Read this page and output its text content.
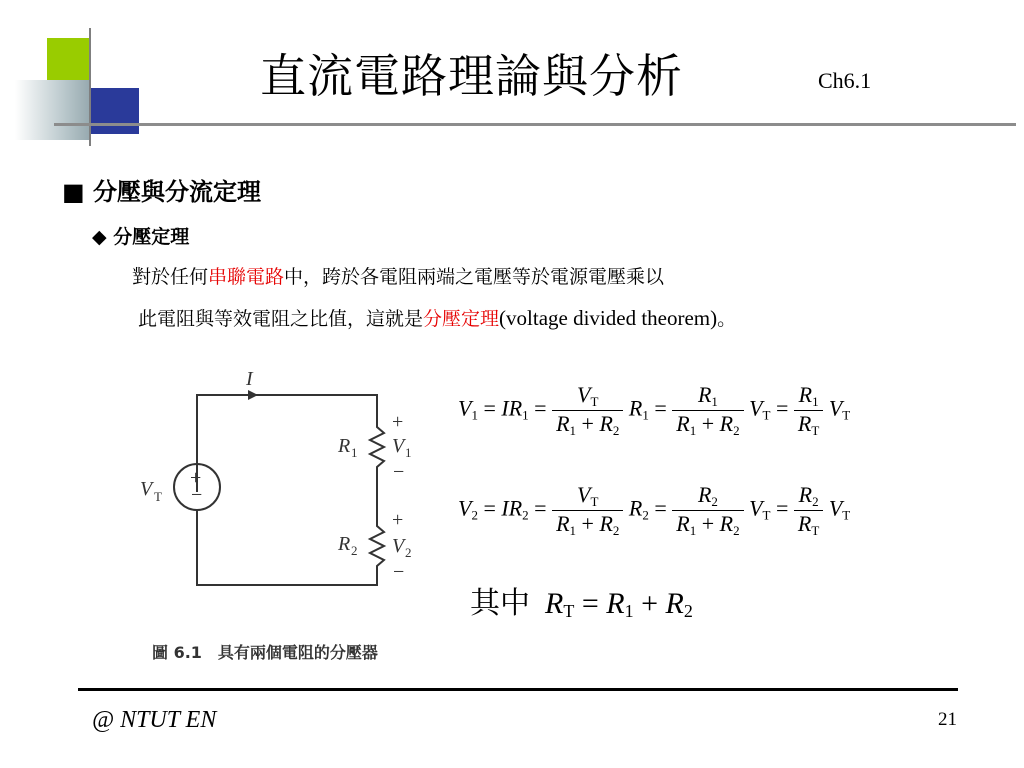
直流電路理論與分析	Ch6.1
■ 分壓與分流定理
◆ 分壓定理
對於任何串聯電路中，跨於各電阻兩端之電壓等於電源電壓乘以
此電阻與等效電阻之比值，這就是分壓定理(voltage divided theorem)。
I
+
−
V T
R 1
+
V 1
−
R 2
+
V 2
−
$V_1 = IR_1 = \frac{V_T}{R_1 + R_2} R_1 = \frac{R_1}{R_1 + R_2} V_T = \frac{R_1}{R_T} V_T$
$V_2 = IR_2 = \frac{V_T}{R_1 + R_2} R_2 = \frac{R_2}{R_1 + R_2} V_T = \frac{R_2}{R_T} V_T$
其中  $R_T = R_1 + R_2$
圖 6.1　具有兩個電阻的分壓器
@ NTUT EN	21
